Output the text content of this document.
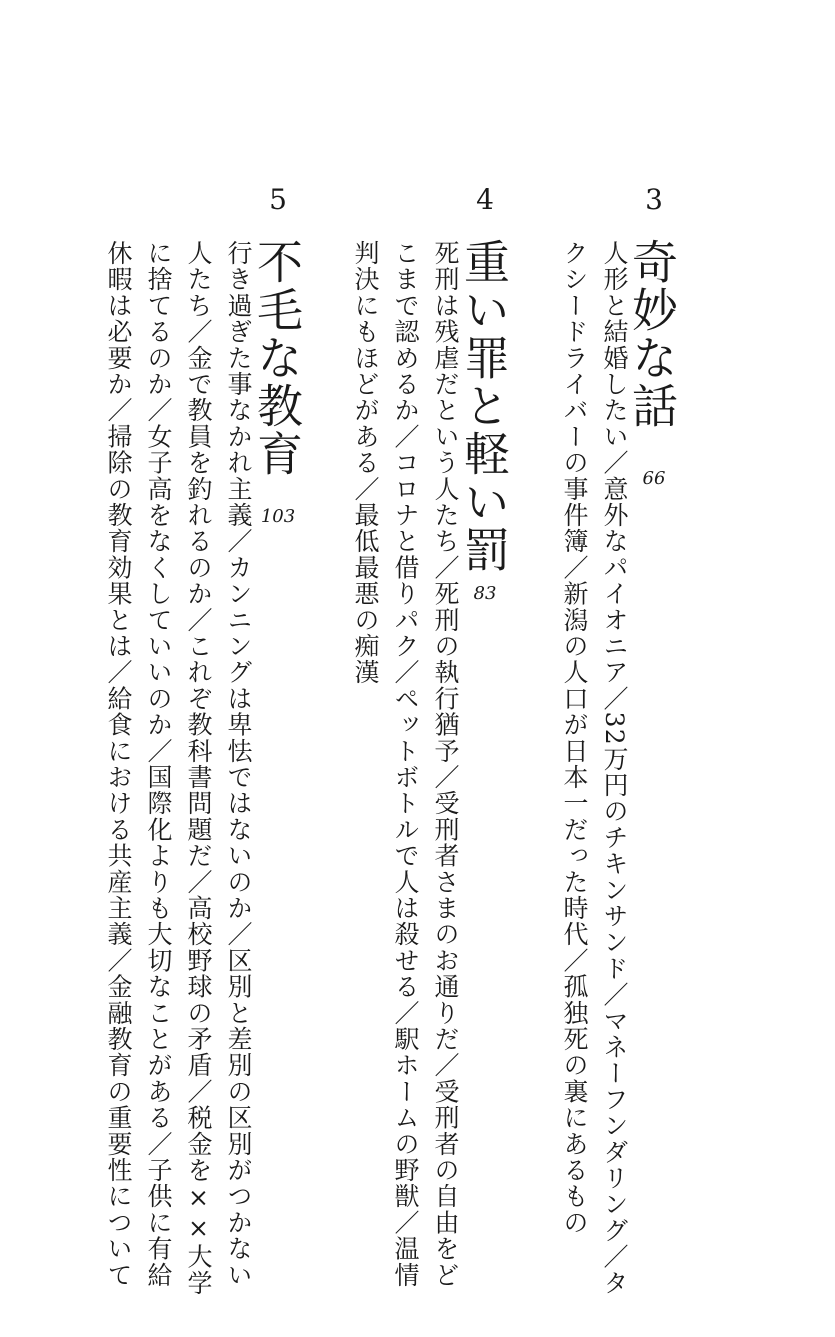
3
奇妙な話
66
人形と結婚したい／意外なパイオニア／32万円のチキンサンド／マネーフンダリング／タ
クシードライバーの事件簿／新潟の人口が日本一だった時代／孤独死の裏にあるもの
4
重い罪と軽い罰
83
死刑は残虐だという人たち／死刑の執行猶予／受刑者さまのお通りだ／受刑者の自由をど
こまで認めるか／コロナと借りパク／ペットボトルで人は殺せる／駅ホームの野獣／温情
判決にもほどがある／最低最悪の痴漢
5
不毛な教育
103
行き過ぎた事なかれ主義／カンニングは卑怯ではないのか／区別と差別の区別がつかない
人たち／金で教員を釣れるのか／これぞ教科書問題だ／高校野球の矛盾／税金を××大学
に捨てるのか／女子高をなくしていいのか／国際化よりも大切なことがある／子供に有給
休暇は必要か／掃除の教育効果とは／給食における共産主義／金融教育の重要性について
